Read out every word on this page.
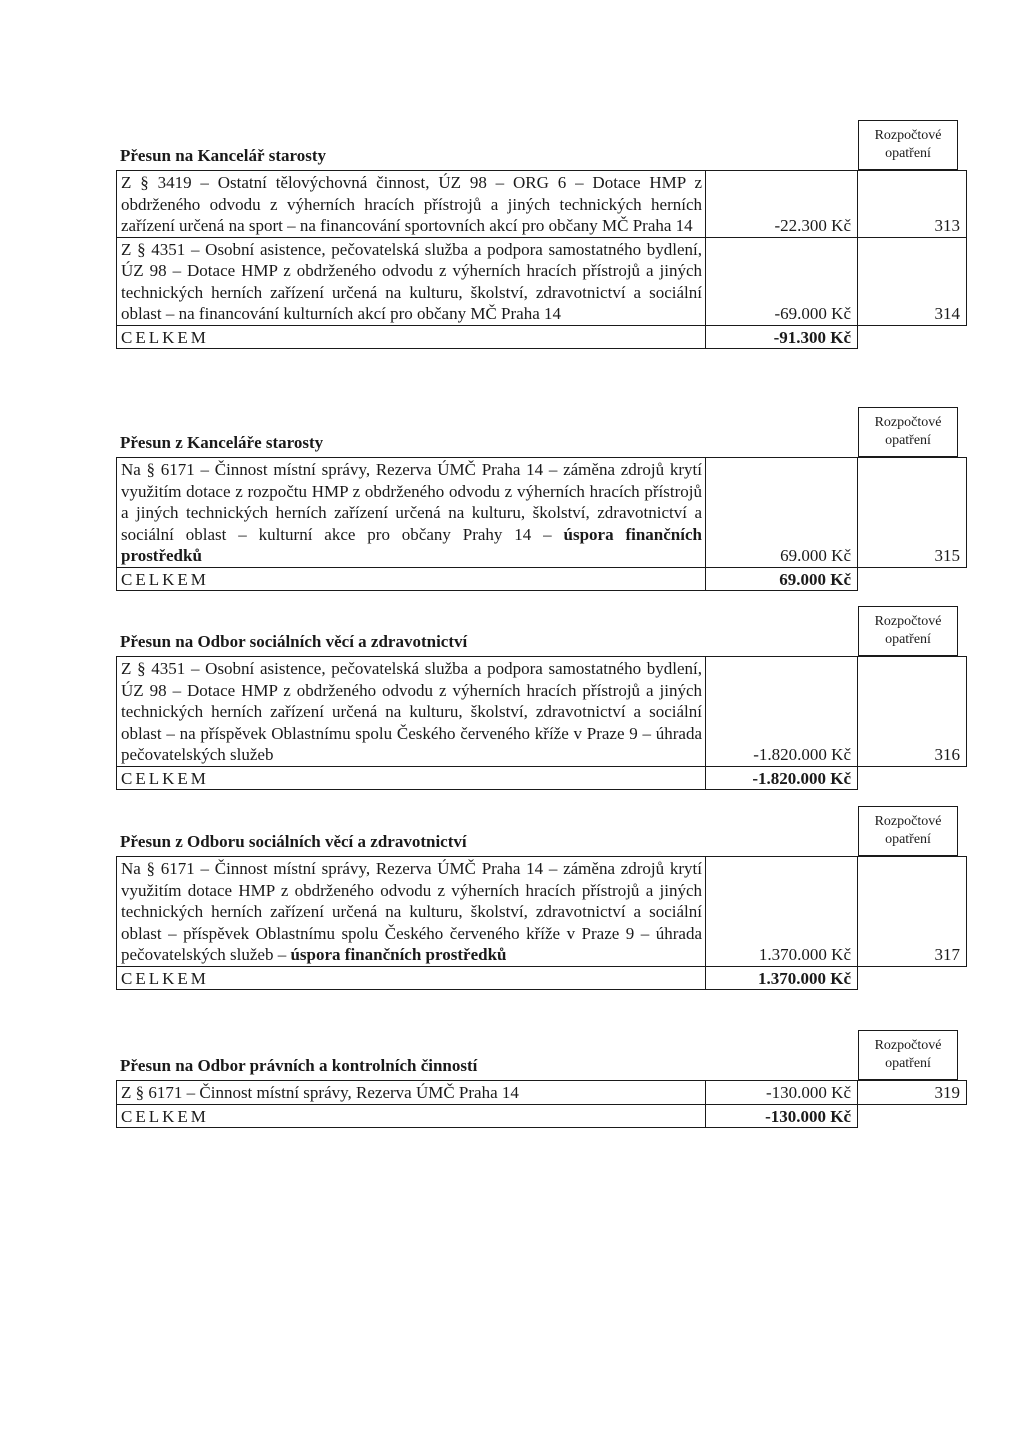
Přesun na Kancelář starosty
Rozpočtové
opatření
Z § 3419 – Ostatní tělovýchovná činnost, ÚZ 98 – ORG 6 – Dotace HMP z obdrženého odvodu z výherních hracích přístrojů a jiných technických herních zařízení určená na sport – na financování sportovních akcí pro občany MČ Praha 14	-22.300 Kč	313
Z § 4351 – Osobní asistence, pečovatelská služba a podpora samostatného bydlení, ÚZ 98 – Dotace HMP z obdrženého odvodu z výherních hracích přístrojů a jiných technických herních zařízení určená na kulturu, školství, zdravotnictví a sociální oblast – na financování kulturních akcí pro občany MČ Praha 14	-69.000 Kč	314
CELKEM	-91.300 Kč	
Přesun z Kanceláře starosty
Rozpočtové
opatření
Na § 6171 – Činnost místní správy, Rezerva ÚMČ Praha 14 – záměna zdrojů krytí využitím dotace z rozpočtu HMP z obdrženého odvodu z výherních hracích přístrojů a jiných technických herních zařízení určená na kulturu, školství, zdravotnictví a sociální oblast – kulturní akce pro občany Prahy 14 – úspora finančních prostředků	69.000 Kč	315
CELKEM	69.000 Kč	
Přesun na Odbor sociálních věcí a zdravotnictví
Rozpočtové
opatření
Z § 4351 – Osobní asistence, pečovatelská služba a podpora samostatného bydlení, ÚZ 98 – Dotace HMP z obdrženého odvodu z výherních hracích přístrojů a jiných technických herních zařízení určená na kulturu, školství, zdravotnictví a sociální oblast – na příspěvek Oblastnímu spolu Českého červeného kříže v Praze 9 – úhrada pečovatelských služeb	-1.820.000 Kč	316
CELKEM	-1.820.000 Kč	
Přesun z Odboru sociálních věcí a zdravotnictví
Rozpočtové
opatření
Na § 6171 – Činnost místní správy, Rezerva ÚMČ Praha 14 – záměna zdrojů krytí využitím dotace HMP z obdrženého odvodu z výherních hracích přístrojů a jiných technických herních zařízení určená na kulturu, školství, zdravotnictví a sociální oblast – příspěvek Oblastnímu spolu Českého červeného kříže v Praze 9 – úhrada pečovatelských služeb – úspora finančních prostředků	1.370.000 Kč	317
CELKEM	1.370.000 Kč	
Přesun na Odbor právních a kontrolních činností
Rozpočtové
opatření
Z § 6171 – Činnost místní správy, Rezerva ÚMČ Praha 14	-130.000 Kč	319
CELKEM	-130.000 Kč	
